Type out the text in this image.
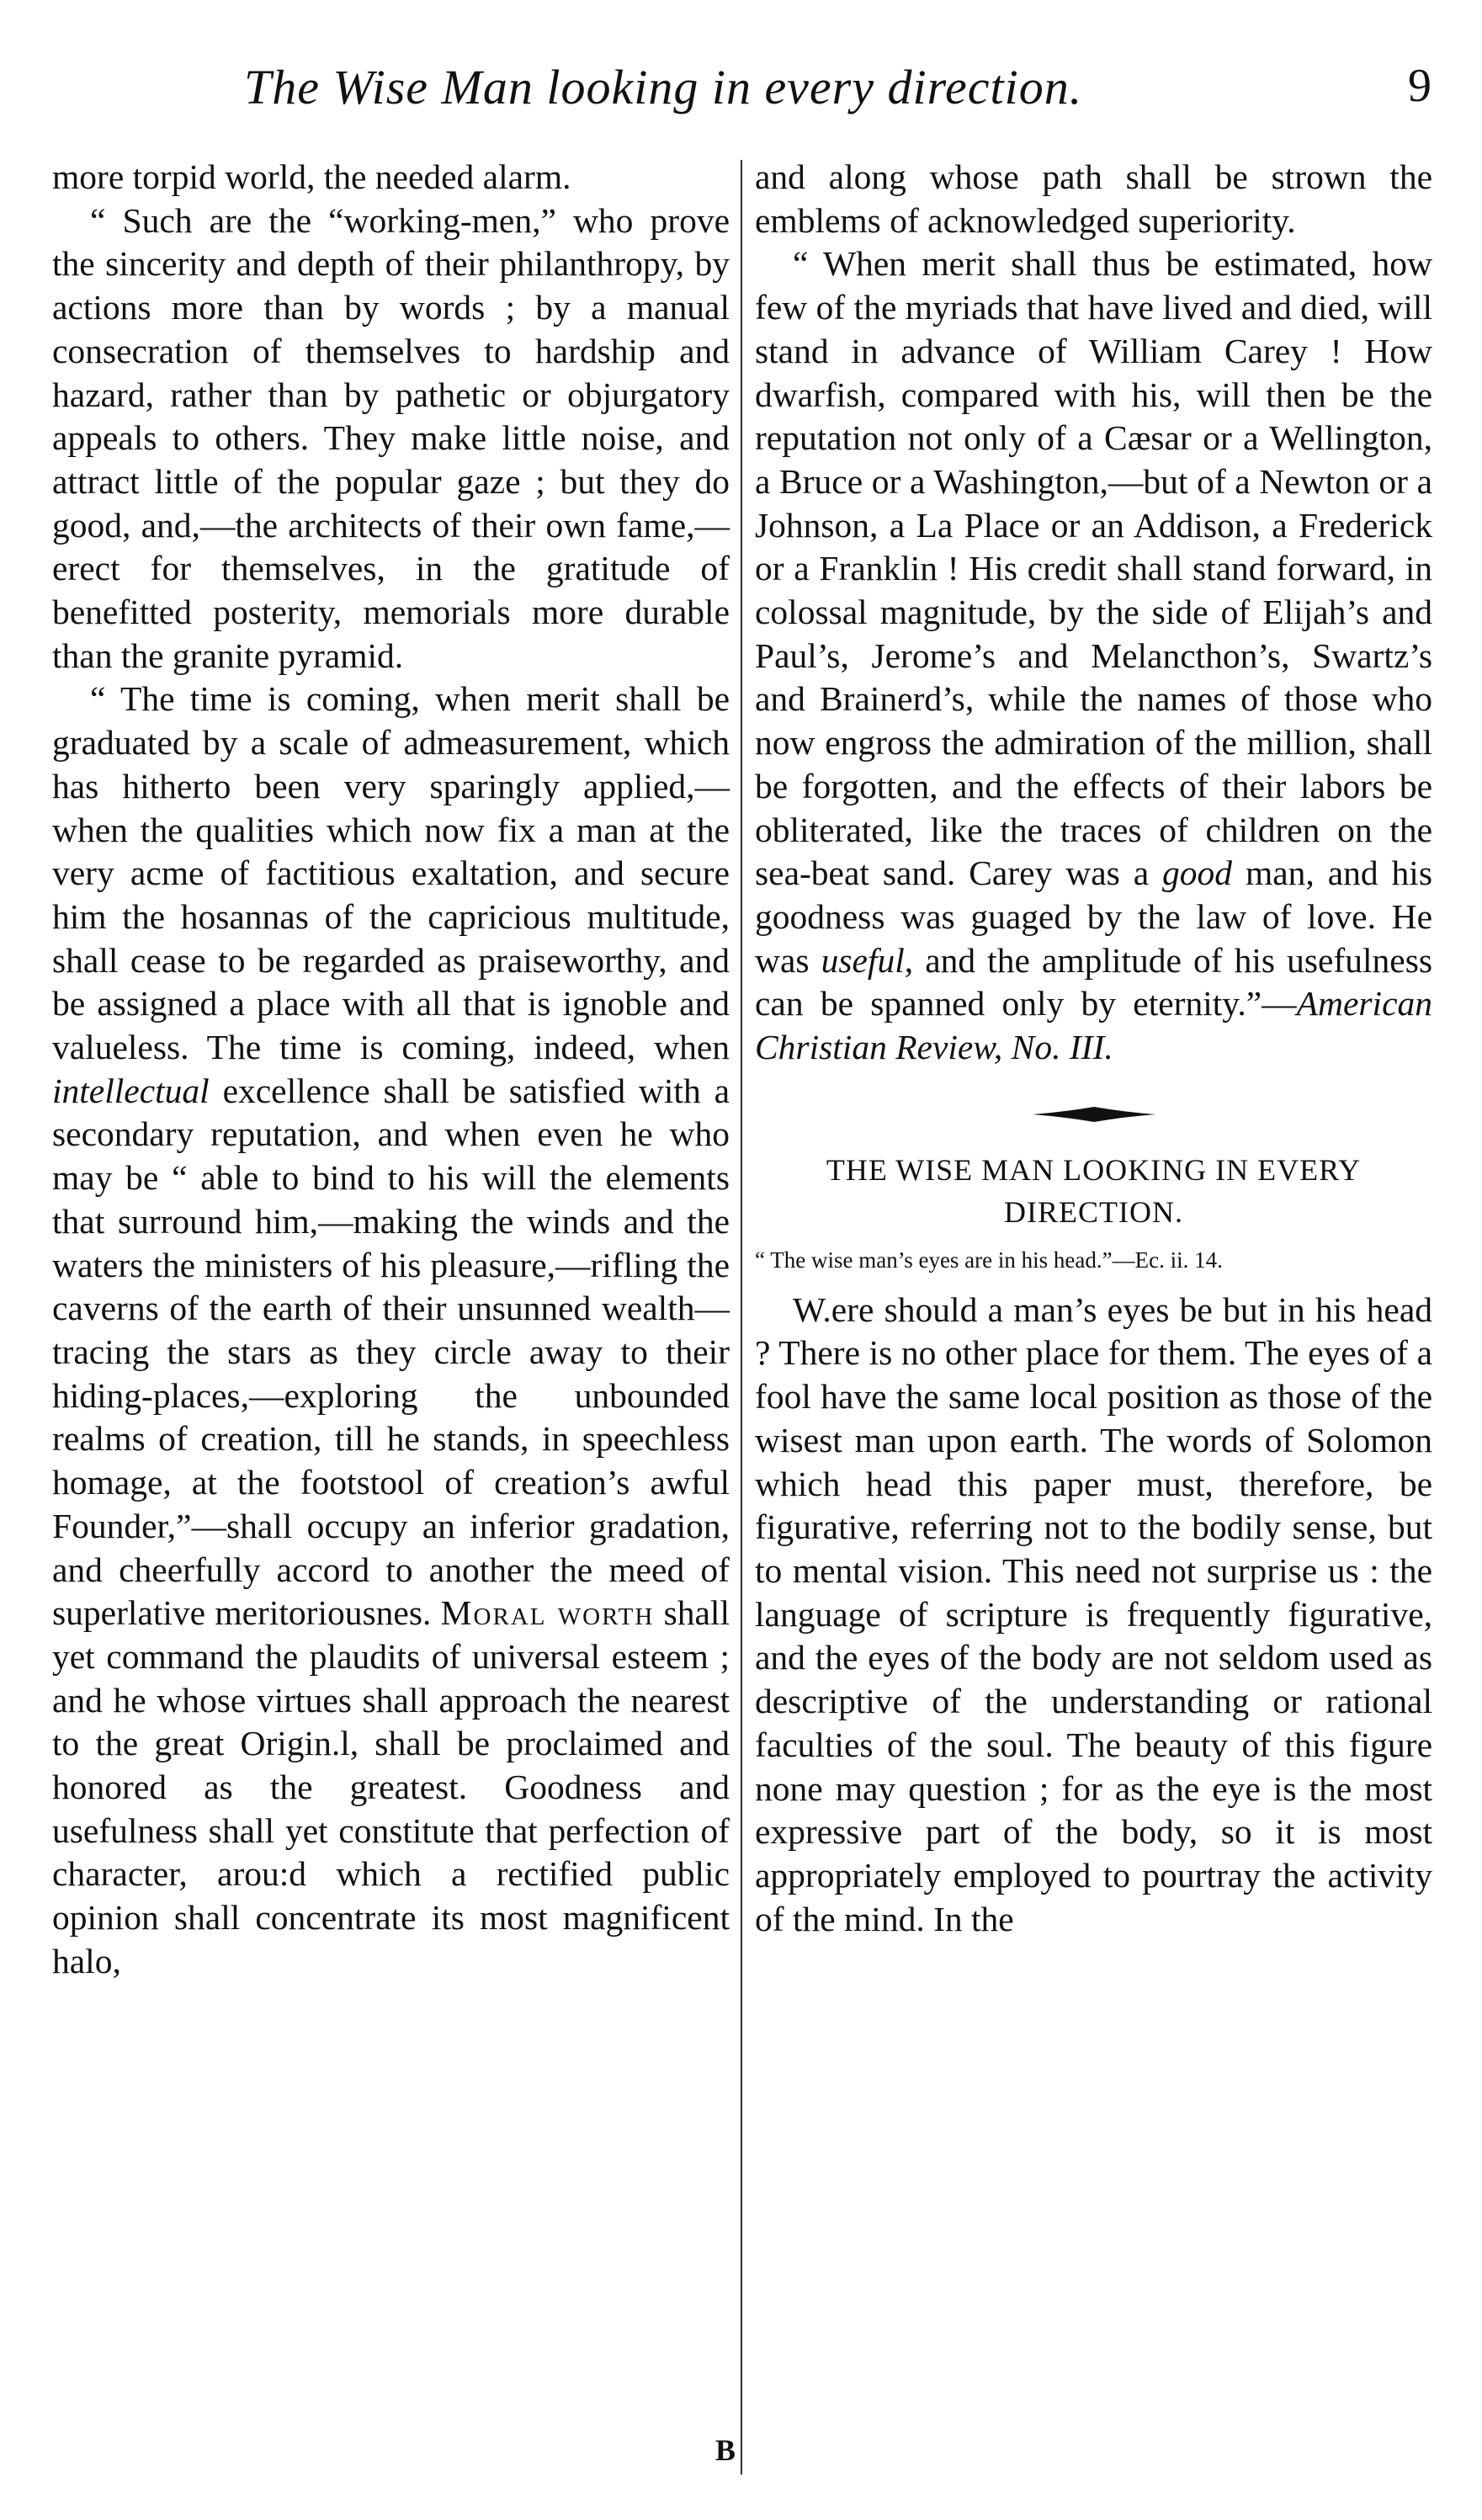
The Wise Man looking in every direction.	9

more torpid world, the needed alarm.

“ Such are the “working-men,” who prove the sincerity and depth of their philanthropy, by actions more than by words ; by a manual consecration of themselves to hardship and hazard, rather than by pathetic or objurgatory appeals to others. They make little noise, and attract little of the popular gaze ; but they do good, and,—the architects of their own fame,—erect for themselves, in the gratitude of benefitted posterity, memorials more durable than the granite pyramid.

“ The time is coming, when merit shall be graduated by a scale of admeasurement, which has hitherto been very sparingly applied,—when the qualities which now fix a man at the very acme of factitious exaltation, and secure him the hosannas of the capricious multitude, shall cease to be regarded as praiseworthy, and be assigned a place with all that is ignoble and valueless. The time is coming, indeed, when intellectual excellence shall be satisfied with a secondary reputation, and when even he who may be “ able to bind to his will the elements that surround him,—making the winds and the waters the ministers of his pleasure,—rifling the caverns of the earth of their unsunned wealth—tracing the stars as they circle away to their hiding-places,—exploring the unbounded realms of creation, till he stands, in speechless homage, at the footstool of creation’s awful Founder,”—shall occupy an inferior gradation, and cheerfully accord to another the meed of superlative meritoriousnes. Moral worth shall yet command the plaudits of universal esteem ; and he whose virtues shall approach the nearest to the great Origin.l, shall be proclaimed and honored as the greatest. Goodness and usefulness shall yet constitute that perfection of character, arou:d which a rectified public opinion shall concentrate its most magnificent halo,

and along whose path shall be strown the emblems of acknowledged superiority.

“ When merit shall thus be estimated, how few of the myriads that have lived and died, will stand in advance of William Carey ! How dwarfish, compared with his, will then be the reputation not only of a Cæsar or a Wellington, a Bruce or a Washington,—but of a Newton or a Johnson, a La Place or an Addison, a Frederick or a Franklin ! His credit shall stand forward, in colossal magnitude, by the side of Elijah’s and Paul’s, Jerome’s and Melancthon’s, Swartz’s and Brainerd’s, while the names of those who now engross the admiration of the million, shall be forgotten, and the effects of their labors be obliterated, like the traces of children on the sea-beat sand. Carey was a good man, and his goodness was guaged by the law of love. He was useful, and the amplitude of his usefulness can be spanned only by eternity.”—American Christian Review, No. III.

THE WISE MAN LOOKING IN EVERY DIRECTION.

“ The wise man’s eyes are in his head.”—Ec. ii. 14.

W.ere should a man’s eyes be but in his head ? There is no other place for them. The eyes of a fool have the same local position as those of the wisest man upon earth. The words of Solomon which head this paper must, therefore, be figurative, referring not to the bodily sense, but to mental vision. This need not surprise us : the language of scripture is frequently figurative, and the eyes of the body are not seldom used as descriptive of the understanding or rational faculties of the soul. The beauty of this figure none may question ; for as the eye is the most expressive part of the body, so it is most appropriately employed to pourtray the activity of the mind. In the

B
